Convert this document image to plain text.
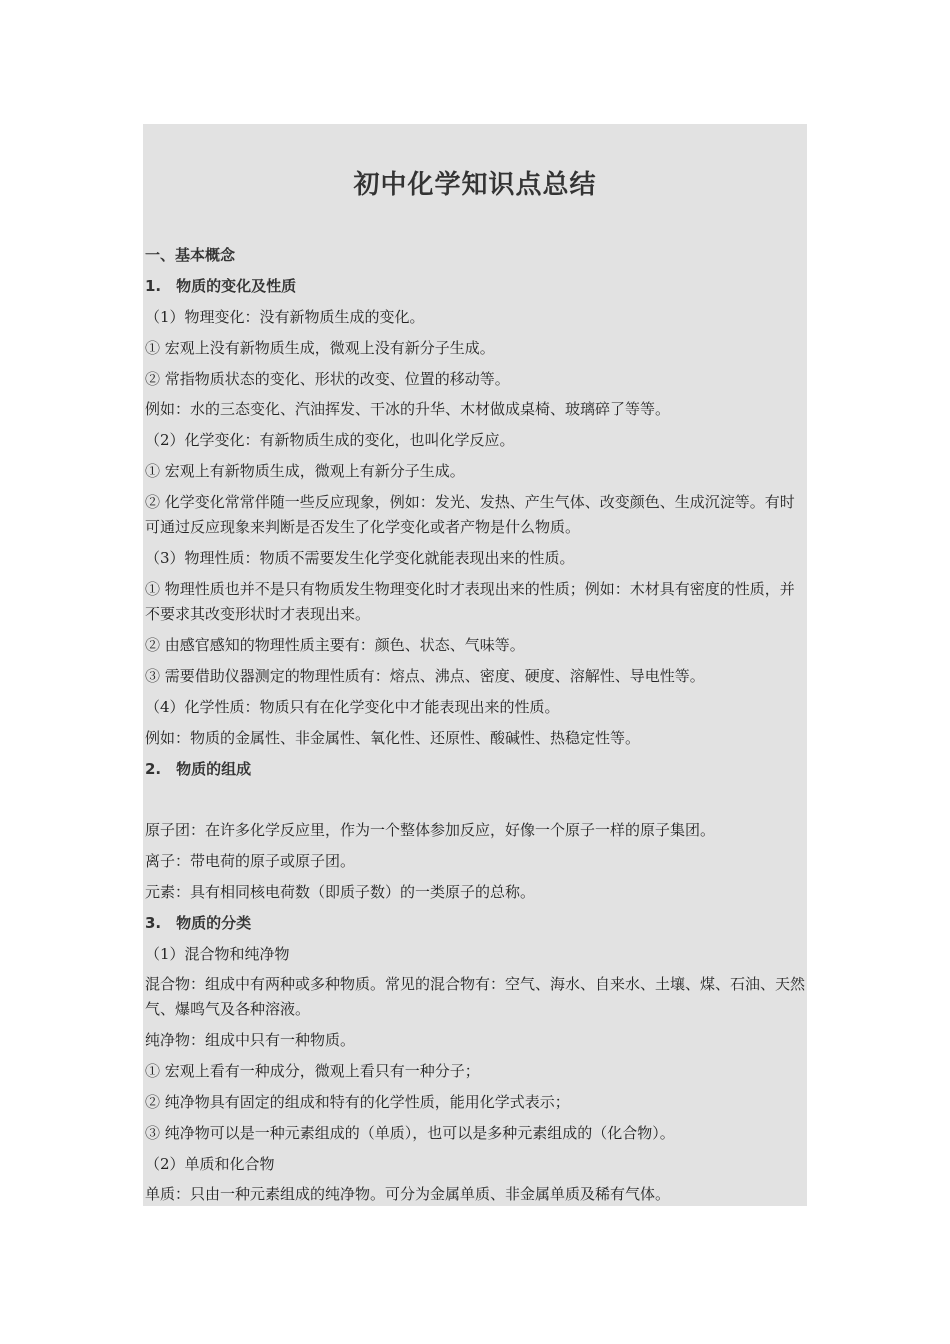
初中化学知识点总结

一、基本概念

1.　物质的变化及性质

（1）物理变化：没有新物质生成的变化。

① 宏观上没有新物质生成，微观上没有新分子生成。

② 常指物质状态的变化、形状的改变、位置的移动等。

例如：水的三态变化、汽油挥发、干冰的升华、木材做成桌椅、玻璃碎了等等。

（2）化学变化：有新物质生成的变化，也叫化学反应。

① 宏观上有新物质生成，微观上有新分子生成。

② 化学变化常常伴随一些反应现象，例如：发光、发热、产生气体、改变颜色、生成沉淀等。有时可通过反应现象来判断是否发生了化学变化或者产物是什么物质。

（3）物理性质：物质不需要发生化学变化就能表现出来的性质。

① 物理性质也并不是只有物质发生物理变化时才表现出来的性质；例如：木材具有密度的性质，并不要求其改变形状时才表现出来。

② 由感官感知的物理性质主要有：颜色、状态、气味等。

③ 需要借助仪器测定的物理性质有：熔点、沸点、密度、硬度、溶解性、导电性等。

（4）化学性质：物质只有在化学变化中才能表现出来的性质。

例如：物质的金属性、非金属性、氧化性、还原性、酸碱性、热稳定性等。

2.　物质的组成

原子团：在许多化学反应里，作为一个整体参加反应，好像一个原子一样的原子集团。

离子：带电荷的原子或原子团。

元素：具有相同核电荷数（即质子数）的一类原子的总称。

3.　物质的分类

（1）混合物和纯净物

混合物：组成中有两种或多种物质。常见的混合物有：空气、海水、自来水、土壤、煤、石油、天然气、爆鸣气及各种溶液。

纯净物：组成中只有一种物质。

① 宏观上看有一种成分，微观上看只有一种分子；

② 纯净物具有固定的组成和特有的化学性质，能用化学式表示；

③ 纯净物可以是一种元素组成的（单质），也可以是多种元素组成的（化合物）。

（2）单质和化合物

单质：只由一种元素组成的纯净物。可分为金属单质、非金属单质及稀有气体。
